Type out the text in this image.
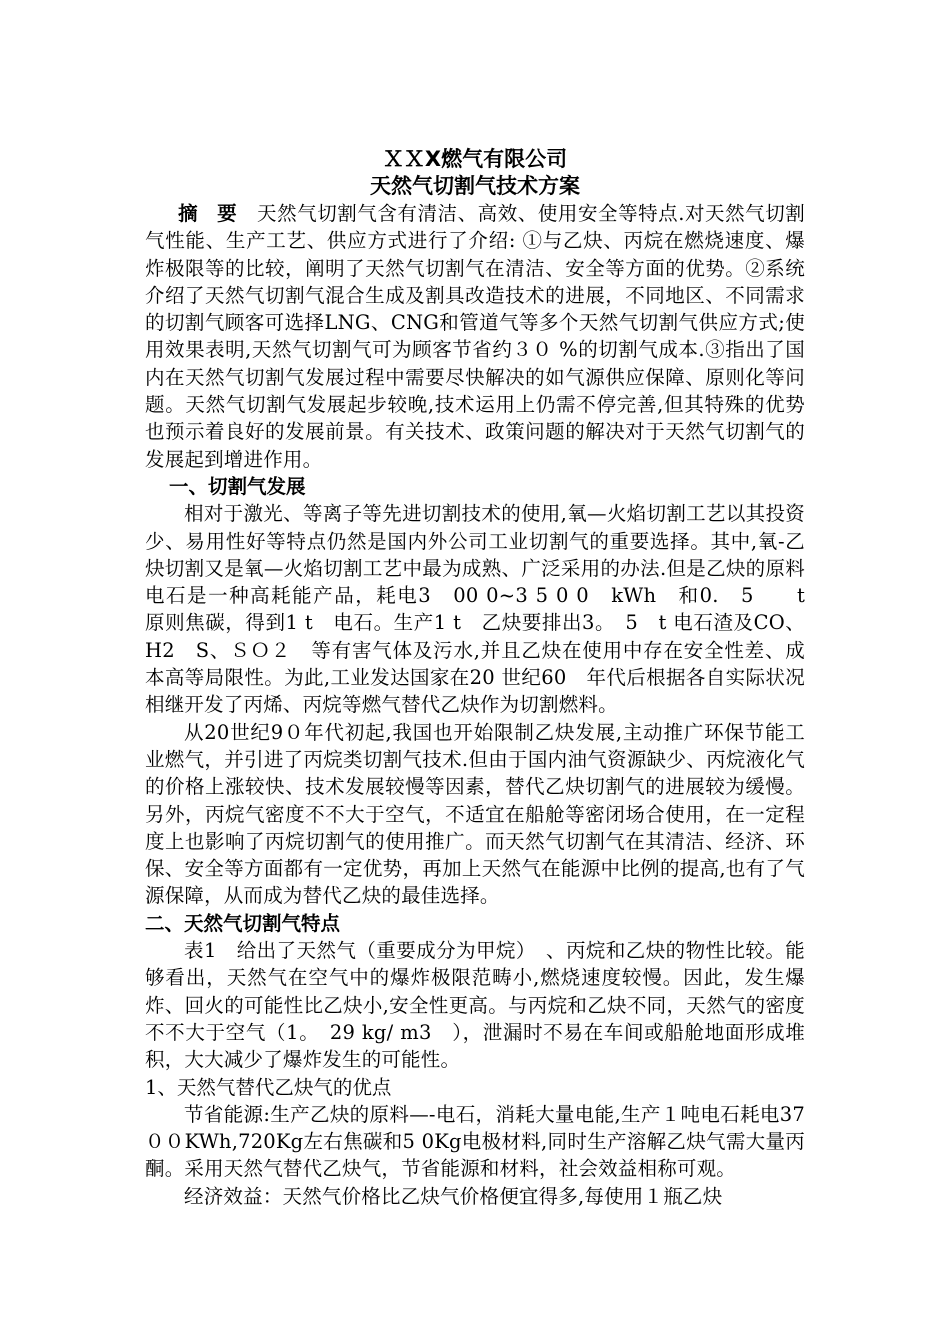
ＸＸX燃气有限公司

天然气切割气技术方案

摘 要 天然气切割气含有清洁、高效、使用安全等特点.对天然气切割气性能、生产工艺、供应方式进行了介绍: ①与乙炔、丙烷在燃烧速度、爆炸极限等的比较，阐明了天然气切割气在清洁、安全等方面的优势。②系统介绍了天然气切割气混合生成及割具改造技术的进展，不同地区、不同需求的切割气顾客可选择LNG、CNG和管道气等多个天然气切割气供应方式;使用效果表明,天然气切割气可为顾客节省约３０ %的切割气成本.③指出了国内在天然气切割气发展过程中需要尽快解决的如气源供应保障、原则化等问题。天然气切割气发展起步较晚,技术运用上仍需不停完善,但其特殊的优势也预示着良好的发展前景。有关技术、政策问题的解决对于天然气切割气的发展起到增进作用。

一、切割气发展

相对于激光、等离子等先进切割技术的使用,氧—火焰切割工艺以其投资少、易用性好等特点仍然是国内外公司工业切割气的重要选择。其中,氧-乙炔切割又是氧—火焰切割工艺中最为成熟、广泛采用的办法.但是乙炔的原料电石是一种高耗能产品，耗电3　00 0~3 5 0 0　kWh　和0.　5　　t　 原则焦碳，得到1 t　电石。生产1 t　乙炔要排出3。　5　t 电石渣及CO、H2　S、ＳＯ２　等有害气体及污水,并且乙炔在使用中存在安全性差、成本高等局限性。为此,工业发达国家在20 世纪60　年代后根据各自实际状况相继开发了丙烯、丙烷等燃气替代乙炔作为切割燃料。

从20世纪9０年代初起,我国也开始限制乙炔发展,主动推广环保节能工业燃气，并引进了丙烷类切割气技术.但由于国内油气资源缺少、丙烷液化气的价格上涨较快、技术发展较慢等因素，替代乙炔切割气的进展较为缓慢。另外，丙烷气密度不不大于空气，不适宜在船舱等密闭场合使用，在一定程度上也影响了丙烷切割气的使用推广。而天然气切割气在其清洁、经济、环保、安全等方面都有一定优势，再加上天然气在能源中比例的提高,也有了气源保障，从而成为替代乙炔的最佳选择。

二、天然气切割气特点

表1　给出了天然气（重要成分为甲烷）　、丙烷和乙炔的物性比较。能够看出，天然气在空气中的爆炸极限范畴小,燃烧速度较慢。因此，发生爆炸、回火的可能性比乙炔小,安全性更高。与丙烷和乙炔不同，天然气的密度不不大于空气（1。　29 kg/ m3　），泄漏时不易在车间或船舱地面形成堆积，大大减少了爆炸发生的可能性。

1、天然气替代乙炔气的优点

节省能源:生产乙炔的原料—-电石，消耗大量电能,生产１吨电石耗电37００KWh,720Kg左右焦碳和5 0Kg电极材料,同时生产溶解乙炔气需大量丙酮。采用天然气替代乙炔气，节省能源和材料，社会效益相称可观。

经济效益：天然气价格比乙炔气价格便宜得多,每使用１瓶乙炔
